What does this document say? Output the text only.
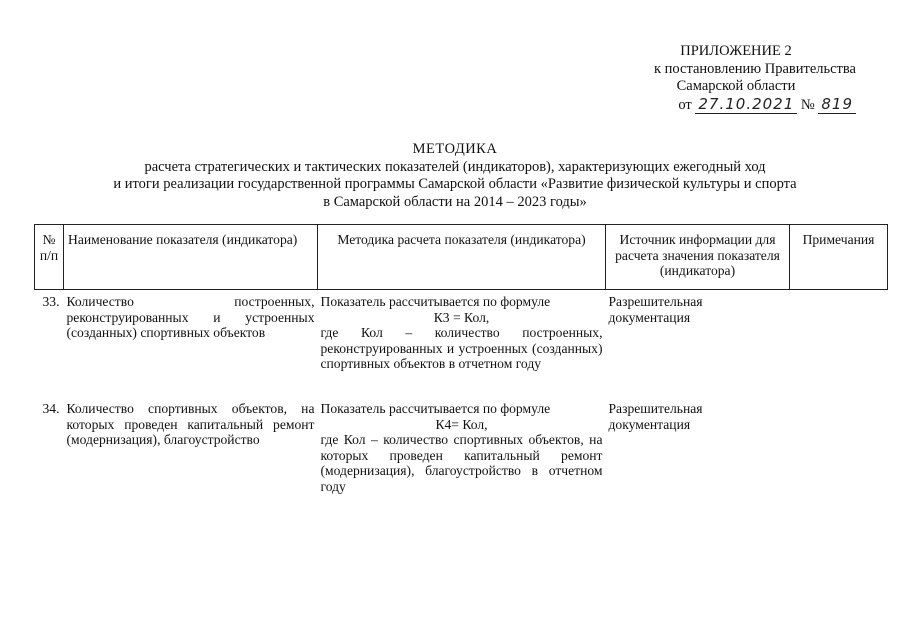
ПРИЛОЖЕНИЕ 2
к постановлению Правительства
Самарской области
от 27.10.2021 № 819
МЕТОДИКА
расчета стратегических и тактических показателей (индикаторов), характеризующих ежегодный ход
и итоги реализации государственной программы Самарской области «Развитие физической культуры и спорта
в Самарской области на 2014 – 2023 годы»
№ п/п	Наименование показателя (индикатора)	Методика расчета показателя (индикатора)	Источник информации для расчета значения показателя (индикатора)	Примечания
33.	Количество построенных, реконструированных и устроенных (созданных) спортивных объектов	Показатель рассчитывается по формуле
К3 = Кол,
где Кол – количество построенных, реконструированных и устроенных (созданных) спортивных объектов в отчетном году	Разрешительная документация	
34.	Количество спортивных объектов, на которых проведен капитальный ремонт (модернизация), благоустройство	Показатель рассчитывается по формуле
К4= Кол,
где Кол – количество спортивных объектов, на которых проведен капитальный ремонт (модернизация), благоустройство в отчетном году	Разрешительная документация	
